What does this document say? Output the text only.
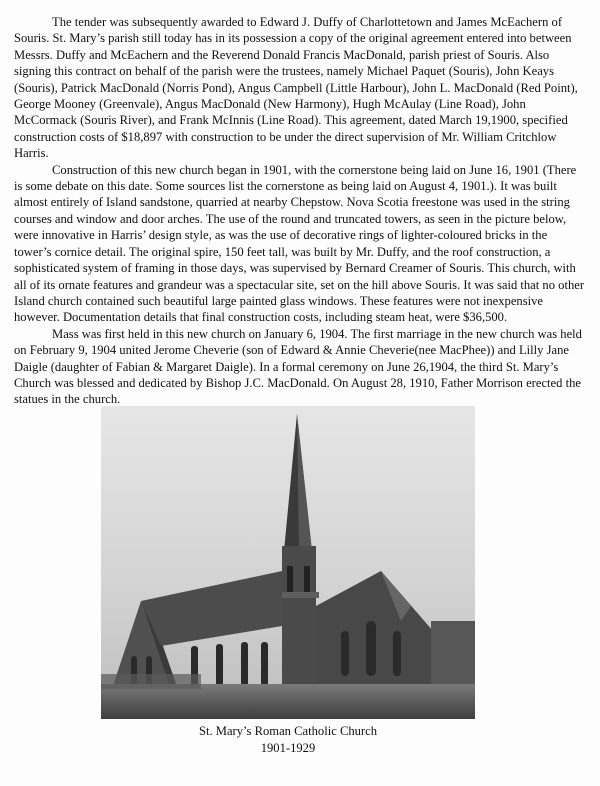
The tender was subsequently awarded to Edward J. Duffy of Charlottetown and James McEachern of Souris. St. Mary’s parish still today has in its possession a copy of the original agreement entered into between Messrs. Duffy and McEachern and the Reverend Donald Francis MacDonald, parish priest of Souris. Also signing this contract on behalf of the parish were the trustees, namely Michael Paquet (Souris), John Keays (Souris), Patrick MacDonald (Norris Pond), Angus Campbell (Little Harbour), John L. MacDonald (Red Point), George Mooney (Greenvale), Angus MacDonald (New Harmony), Hugh McAulay (Line Road), John McCormack (Souris River), and Frank McInnis (Line Road). This agreement, dated March 19,1900, specified construction costs of $18,897 with construction to be under the direct supervision of Mr. William Critchlow Harris.

Construction of this new church began in 1901, with the cornerstone being laid on June 16, 1901 (There is some debate on this date. Some sources list the cornerstone as being laid on August 4, 1901.). It was built almost entirely of Island sandstone, quarried at nearby Chepstow. Nova Scotia freestone was used in the string courses and window and door arches. The use of the round and truncated towers, as seen in the picture below, were innovative in Harris’ design style, as was the use of decorative rings of lighter-coloured bricks in the tower’s cornice detail. The original spire, 150 feet tall, was built by Mr. Duffy, and the roof construction, a sophisticated system of framing in those days, was supervised by Bernard Creamer of Souris. This church, with all of its ornate features and grandeur was a spectacular site, set on the hill above Souris. It was said that no other Island church contained such beautiful large painted glass windows. These features were not inexpensive however. Documentation details that final construction costs, including steam heat, were $36,500.

Mass was first held in this new church on January 6, 1904. The first marriage in the new church was held on February 9, 1904 united Jerome Cheverie (son of Edward & Annie Cheverie(nee MacPhee)) and Lilly Jane Daigle (daughter of Fabian & Margaret Daigle). In a formal ceremony on June 26,1904, the third St. Mary’s Church was blessed and dedicated by Bishop J.C. MacDonald. On August 28, 1910, Father Morrison erected the statues in the church.

St. Mary’s Roman Catholic Church
1901-1929
